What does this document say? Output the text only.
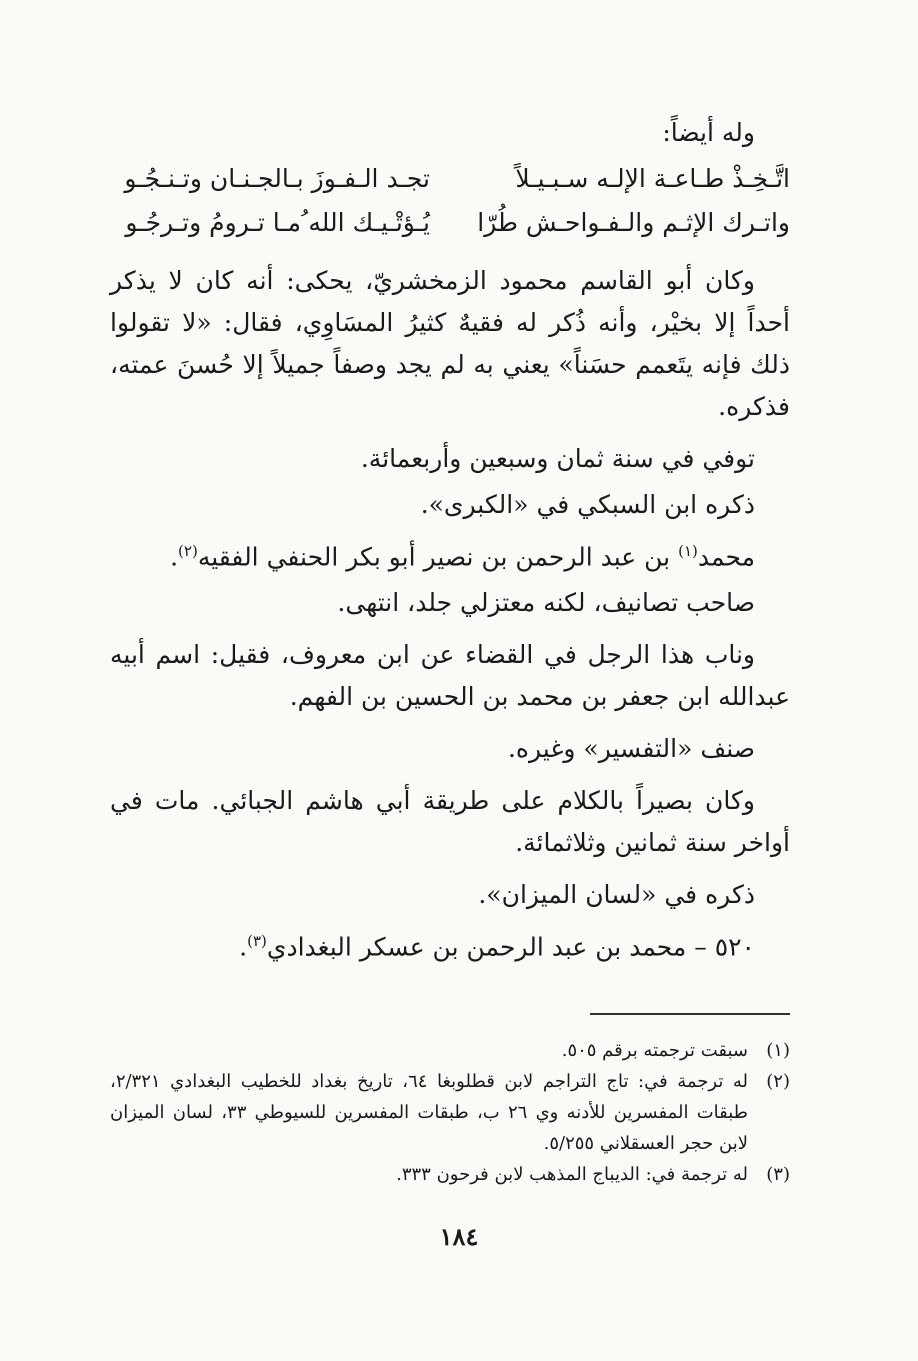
وله أيضاً:
اتَّـخِـذْ طـاعـة الإلـه سـبـيـلاً
تجـد الـفـوزَ بـالجـنـان وتـنـجُـو
واتـرك الإثـم والـفـواحـش طُرّا
يُـؤتْـيـك الله ُمـا تـرومُ وتـرجُـو
وكان أبو القاسم محمود الزمخشريّ، يحكى: أنه كان لا يذكر أحداً إلا بخيْر، وأنه ذُكر له فقيهٌ كثيرُ المسَاوِي، فقال: «لا تقولوا ذلك فإنه يتَعمم حسَناً» يعني به لم يجد وصفاً جميلاً إلا حُسنَ عمته، فذكره.
توفي في سنة ثمان وسبعين وأربعمائة.
ذكره ابن السبكي في «الكبرى».
محمد$^{(١)}$ بن عبد الرحمن بن نصير أبو بكر الحنفي الفقيه$^{(٢)}$.
صاحب تصانيف، لكنه معتزلي جلد، انتهى.
وناب هذا الرجل في القضاء عن ابن معروف، فقيل: اسم أبيه عبدالله ابن جعفر بن محمد بن الحسين بن الفهم.
صنف «التفسير» وغيره.
وكان بصيراً بالكلام على طريقة أبي هاشم الجبائي. مات في أواخر سنة ثمانين وثلاثمائة.
ذكره في «لسان الميزان».
٥٢٠ – محمد بن عبد الرحمن بن عسكر البغدادي$^{(٣)}$.
(١)
سبقت ترجمته برقم ٥٠٥.
(٢)
له ترجمة في: تاج التراجم لابن قطلوبغا ٦٤، تاريخ بغداد للخطيب البغدادي ٢/٣٢١، طبقات المفسرين للأدنه وي ٢٦ ب، طبقات المفسرين للسيوطي ٣٣، لسان الميزان لابن حجر العسقلاني ٥/٢٥٥.
(٣)
له ترجمة في: الديباج المذهب لابن فرحون ٣٣٣.
١٨٤
